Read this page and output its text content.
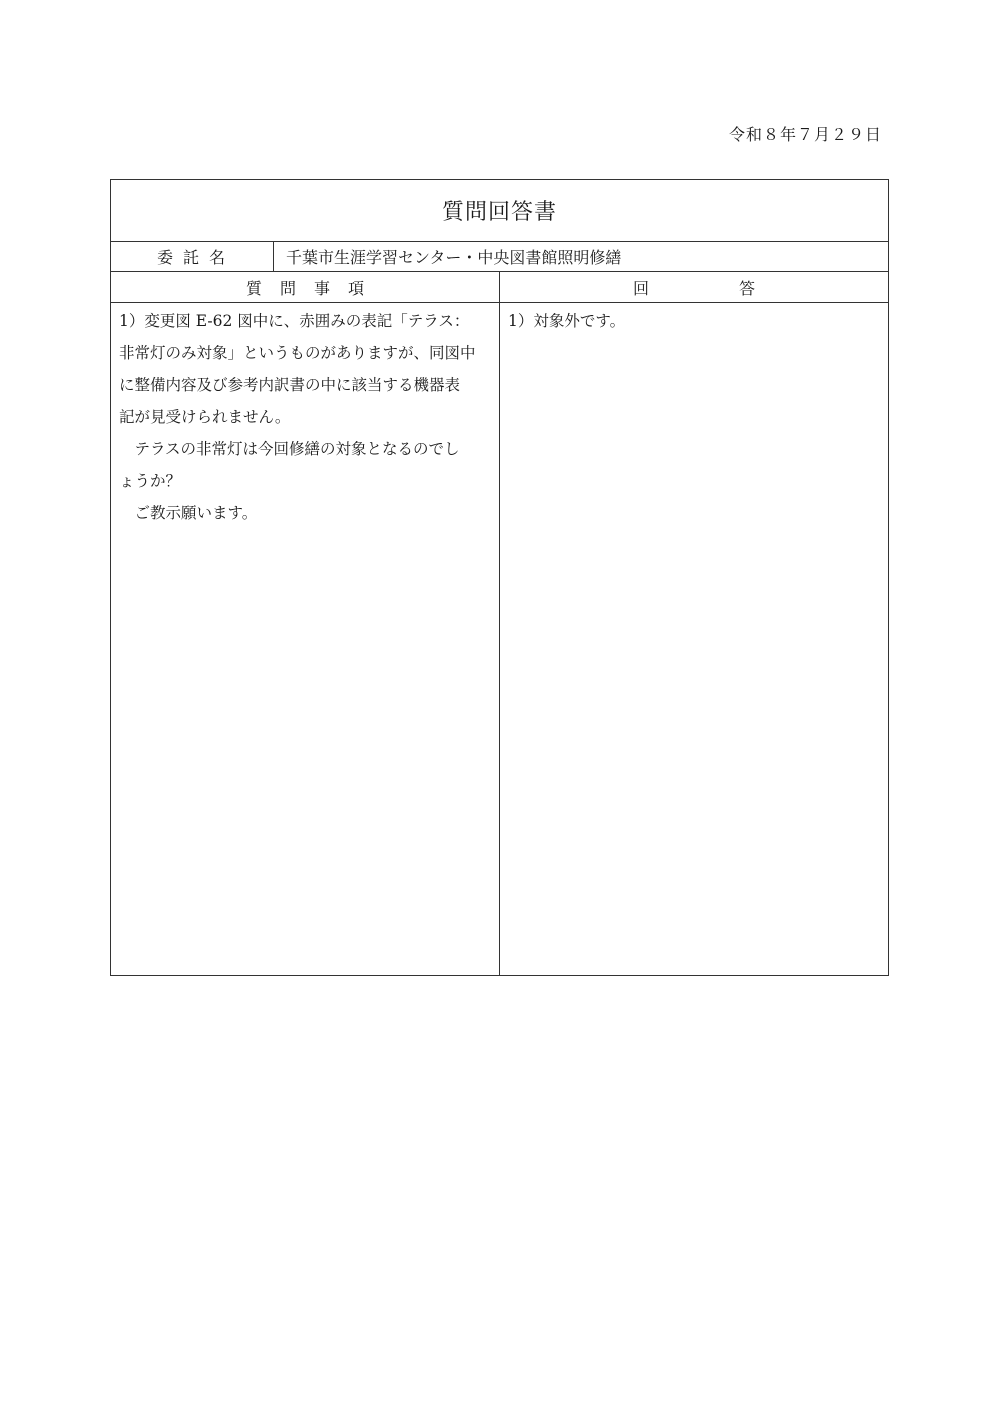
令和８年７月２９日
質問回答書
委託名	千葉市生涯学習センター・中央図書館照明修繕
質問事項	回答

1）変更図 E-62 図中に、赤囲みの表記「テラス：

非常灯のみ対象」というものがありますが、同図中

に整備内容及び参考内訳書の中に該当する機器表

記が見受けられません。

テラスの非常灯は今回修繕の対象となるのでし

ょうか？

ご教示願います。

1）対象外です。
